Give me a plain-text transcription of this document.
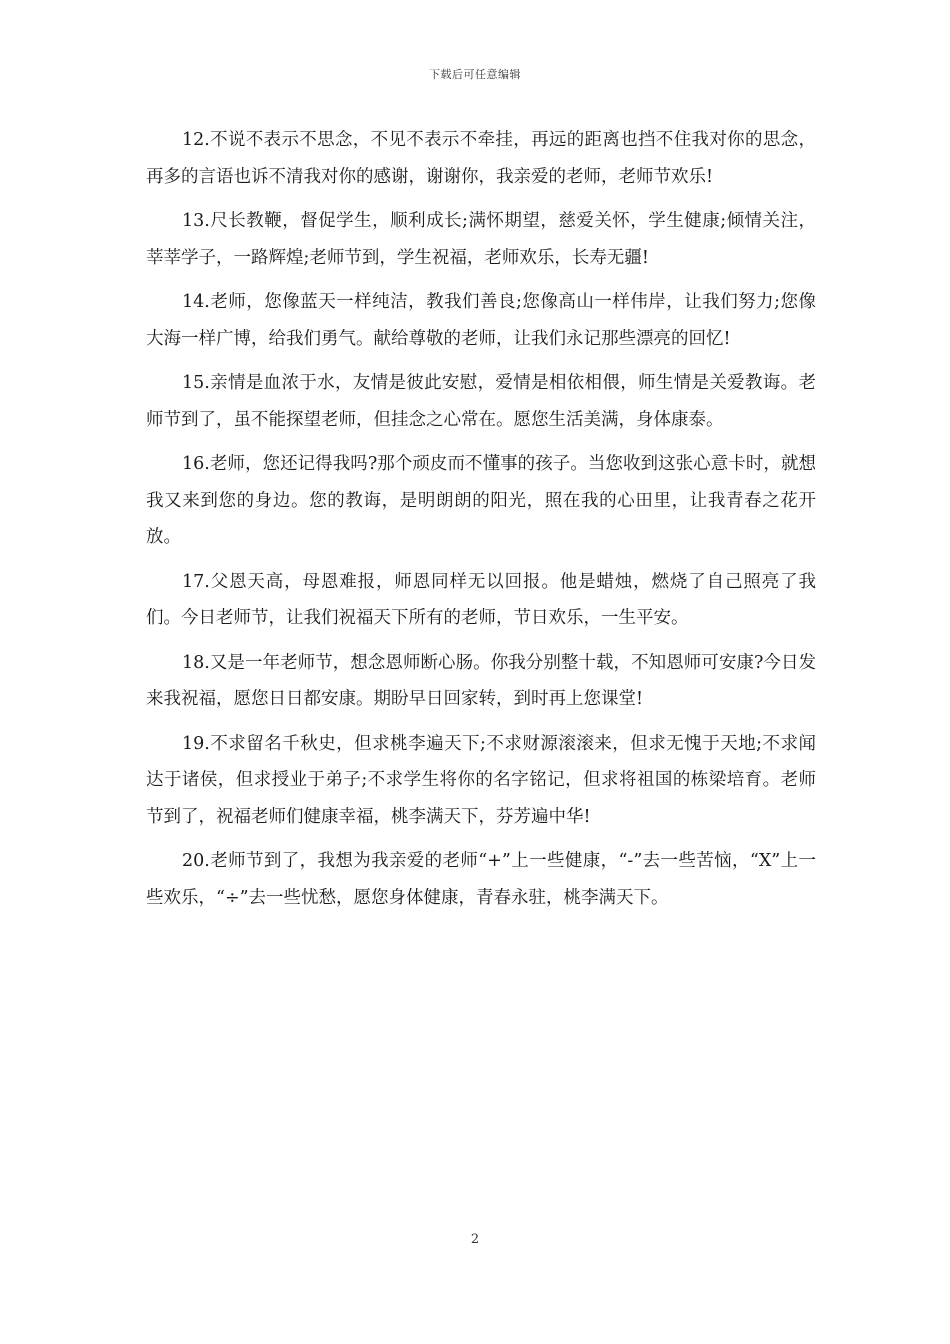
下载后可任意编辑

12.不说不表示不思念，不见不表示不牵挂，再远的距离也挡不住我对你的思念，再多的言语也诉不清我对你的感谢，谢谢你，我亲爱的老师，老师节欢乐!

13.尺长教鞭，督促学生，顺利成长;满怀期望，慈爱关怀，学生健康;倾情关注，莘莘学子，一路辉煌;老师节到，学生祝福，老师欢乐，长寿无疆!

14.老师，您像蓝天一样纯洁，教我们善良;您像高山一样伟岸，让我们努力;您像大海一样广博，给我们勇气。献给尊敬的老师，让我们永记那些漂亮的回忆!

15.亲情是血浓于水，友情是彼此安慰，爱情是相依相偎，师生情是关爱教诲。老师节到了，虽不能探望老师，但挂念之心常在。愿您生活美满，身体康泰。

16.老师，您还记得我吗?那个顽皮而不懂事的孩子。当您收到这张心意卡时，就想我又来到您的身边。您的教诲，是明朗朗的阳光，照在我的心田里，让我青春之花开放。

17.父恩天高，母恩难报，师恩同样无以回报。他是蜡烛，燃烧了自己照亮了我们。今日老师节，让我们祝福天下所有的老师，节日欢乐，一生平安。

18.又是一年老师节，想念恩师断心肠。你我分别整十载，不知恩师可安康?今日发来我祝福，愿您日日都安康。期盼早日回家转，到时再上您课堂!

19.不求留名千秋史，但求桃李遍天下;不求财源滚滚来，但求无愧于天地;不求闻达于诸侯，但求授业于弟子;不求学生将你的名字铭记，但求将祖国的栋梁培育。老师节到了，祝福老师们健康幸福，桃李满天下，芬芳遍中华!

20.老师节到了，我想为我亲爱的老师“+”上一些健康，“-”去一些苦恼，“X”上一些欢乐，“÷”去一些忧愁，愿您身体健康，青春永驻，桃李满天下。

2
